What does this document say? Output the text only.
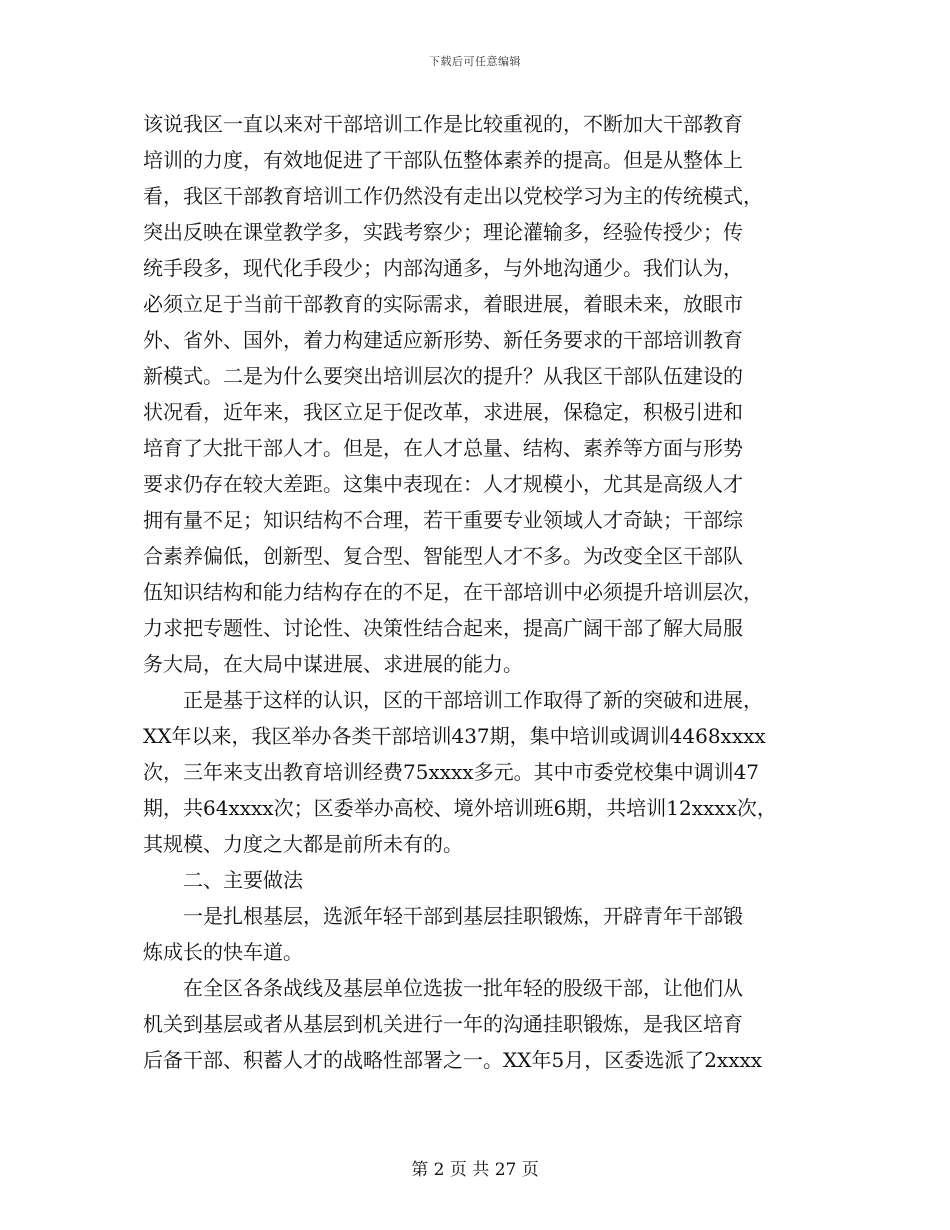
下载后可任意编辑
该说我区一直以来对干部培训工作是比较重视的，不断加大干部教育
培训的力度，有效地促进了干部队伍整体素养的提高。但是从整体上
看，我区干部教育培训工作仍然没有走出以党校学习为主的传统模式，
突出反映在课堂教学多，实践考察少；理论灌输多，经验传授少；传
统手段多，现代化手段少；内部沟通多，与外地沟通少。我们认为，
必须立足于当前干部教育的实际需求，着眼进展，着眼未来，放眼市
外、省外、国外，着力构建适应新形势、新任务要求的干部培训教育
新模式。二是为什么要突出培训层次的提升？从我区干部队伍建设的
状况看，近年来，我区立足于促改革，求进展，保稳定，积极引进和
培育了大批干部人才。但是，在人才总量、结构、素养等方面与形势
要求仍存在较大差距。这集中表现在：人才规模小，尤其是高级人才
拥有量不足；知识结构不合理，若干重要专业领域人才奇缺；干部综
合素养偏低，创新型、复合型、智能型人才不多。为改变全区干部队
伍知识结构和能力结构存在的不足，在干部培训中必须提升培训层次，
力求把专题性、讨论性、决策性结合起来，提高广阔干部了解大局服
务大局，在大局中谋进展、求进展的能力。
　　正是基于这样的认识，区的干部培训工作取得了新的突破和进展，
XX年以来，我区举办各类干部培训437期，集中培训或调训4468xxxx
次，三年来支出教育培训经费75xxxx多元。其中市委党校集中调训47
期，共64xxxx次；区委举办高校、境外培训班6期，共培训12xxxx次，
其规模、力度之大都是前所未有的。
　　二、主要做法
　　一是扎根基层，选派年轻干部到基层挂职锻炼，开辟青年干部锻
炼成长的快车道。
　　在全区各条战线及基层单位选拔一批年轻的股级干部，让他们从
机关到基层或者从基层到机关进行一年的沟通挂职锻炼，是我区培育
后备干部、积蓄人才的战略性部署之一。XX年5月，区委选派了2xxxx
第 2 页 共 27 页
